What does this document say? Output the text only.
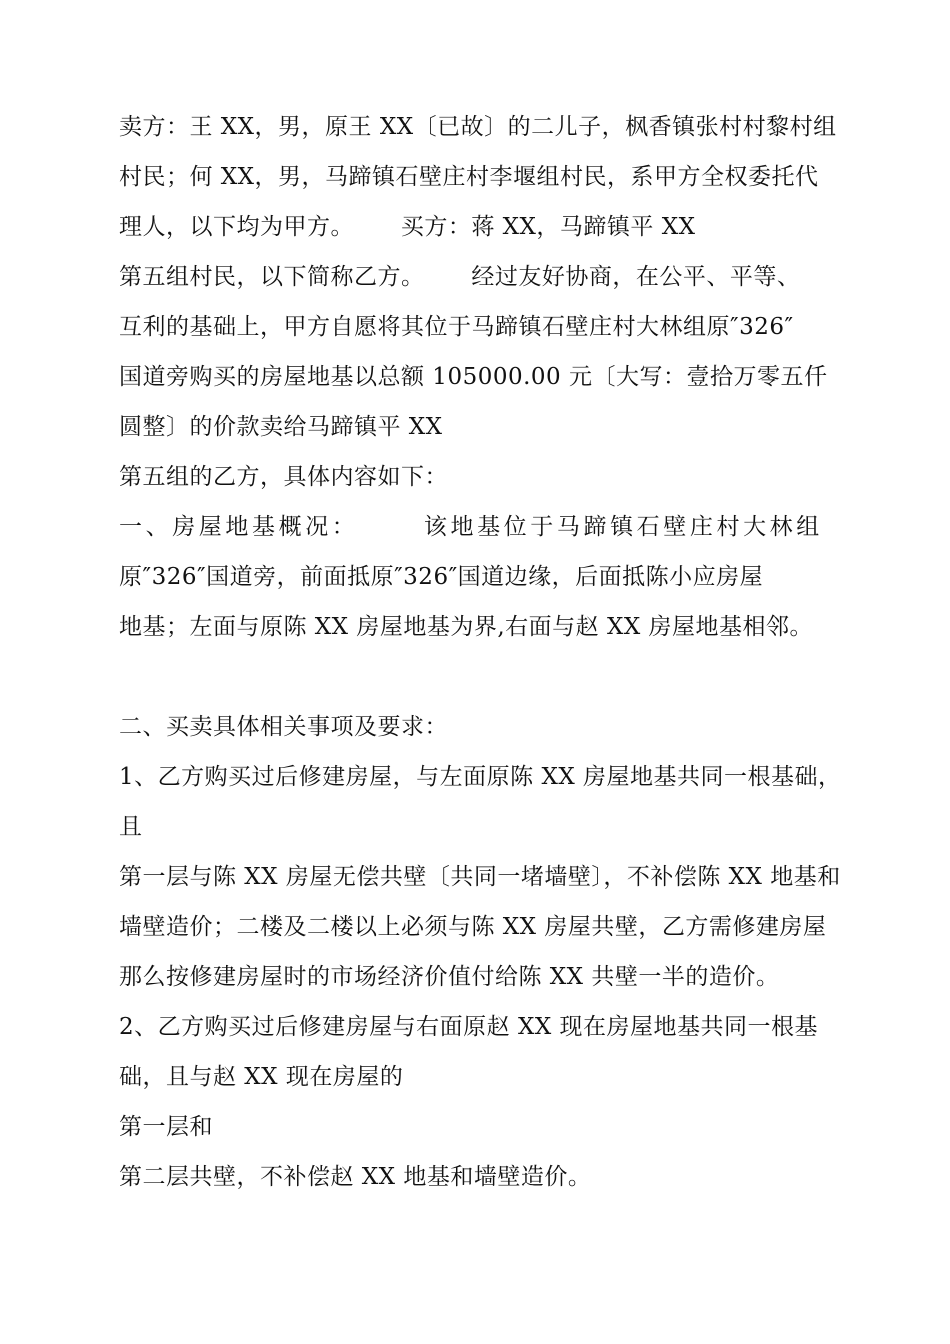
卖方：王 XX，男，原王 XX〔已故〕的二儿子，枫香镇张村村黎村组
村民；何 XX，男，马蹄镇石壁庄村李堰组村民，系甲方全权委托代
理人，以下均为甲方。      买方：蒋 XX，马蹄镇平 XX
第五组村民，以下简称乙方。      经过友好协商，在公平、平等、
互利的基础上，甲方自愿将其位于马蹄镇石壁庄村大林组原″326″
国道旁购买的房屋地基以总额 105000.00 元〔大写：壹拾万零五仟
圆整〕的价款卖给马蹄镇平 XX
第五组的乙方，具体内容如下：
一、房屋地基概况：      该地基位于马蹄镇石壁庄村大林组
原″326″国道旁，前面抵原″326″国道边缘，后面抵陈小应房屋
地基；左面与原陈 XX 房屋地基为界,右面与赵 XX 房屋地基相邻。
二、买卖具体相关事项及要求：
1、乙方购买过后修建房屋，与左面原陈 XX 房屋地基共同一根基础，
且
第一层与陈 XX 房屋无偿共壁〔共同一堵墙壁〕，不补偿陈 XX 地基和
墙壁造价；二楼及二楼以上必须与陈 XX 房屋共壁，乙方需修建房屋
那么按修建房屋时的市场经济价值付给陈 XX 共壁一半的造价。
2、乙方购买过后修建房屋与右面原赵 XX 现在房屋地基共同一根基
础，且与赵 XX 现在房屋的
第一层和
第二层共壁，不补偿赵 XX 地基和墙壁造价。
